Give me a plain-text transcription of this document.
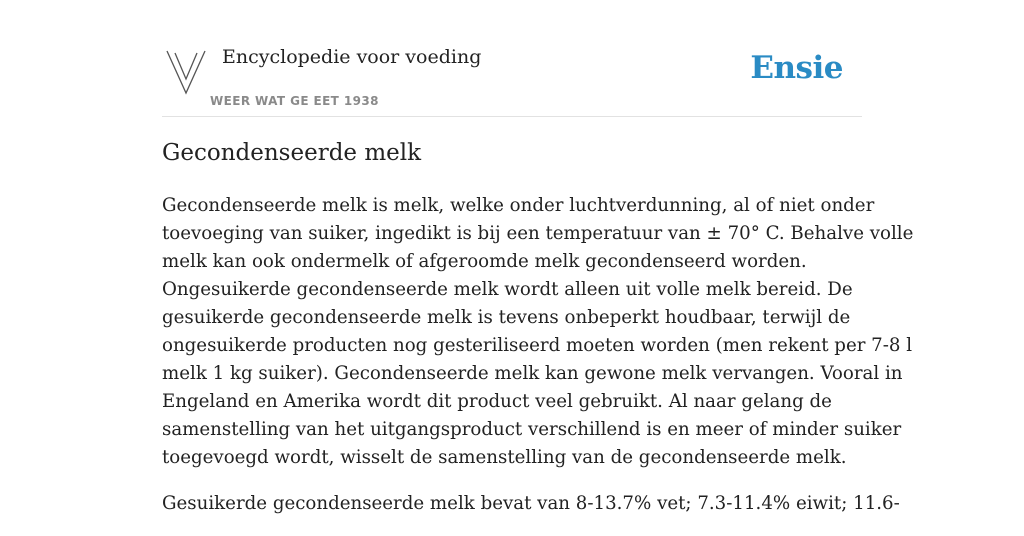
Encyclopedie voor voeding
WEER WAT GE EET 1938
Ensie
Gecondenseerde melk

Gecondenseerde melk is melk, welke onder luchtverdunning, al of niet onder
toevoeging van suiker, ingedikt is bij een temperatuur van ± 70° C. Behalve volle
melk kan ook ondermelk of afgeroomde melk gecondenseerd worden.
Ongesuikerde gecondenseerde melk wordt alleen uit volle melk bereid. De
gesuikerde gecondenseerde melk is tevens onbeperkt houdbaar, terwijl de
ongesuikerde producten nog gesteriliseerd moeten worden (men rekent per 7-8 l
melk 1 kg suiker). Gecondenseerde melk kan gewone melk vervangen. Vooral in
Engeland en Amerika wordt dit product veel gebruikt. Al naar gelang de
samenstelling van het uitgangsproduct verschillend is en meer of minder suiker
toegevoegd wordt, wisselt de samenstelling van de gecondenseerde melk.

Gesuikerde gecondenseerde melk bevat van 8-13.7% vet; 7.3-11.4% eiwit; 11.6-
